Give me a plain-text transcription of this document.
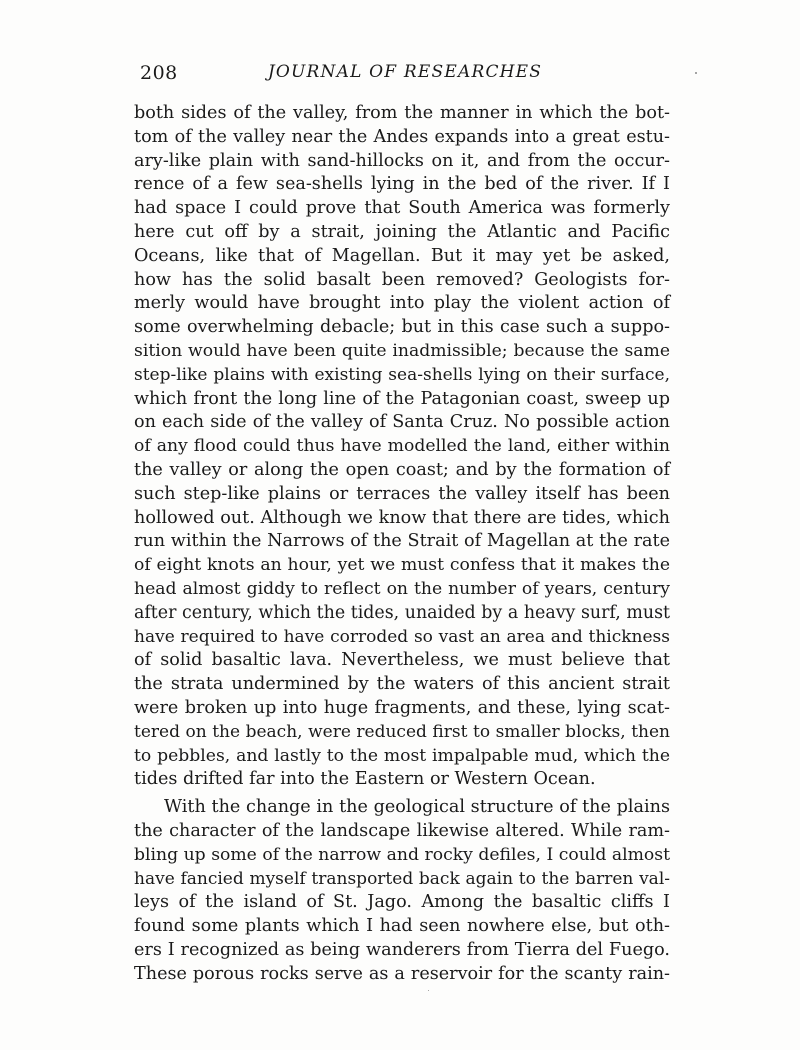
208	JOURNAL OF RESEARCHES
both sides of the valley, from the manner in which the bot-
tom of the valley near the Andes expands into a great estu-
ary-like plain with sand-hillocks on it, and from the occur-
rence of a few sea-shells lying in the bed of the river. If I
had space I could prove that South America was formerly
here cut off by a strait, joining the Atlantic and Pacific
Oceans, like that of Magellan. But it may yet be asked,
how has the solid basalt been removed? Geologists for-
merly would have brought into play the violent action of
some overwhelming debacle; but in this case such a suppo-
sition would have been quite inadmissible; because the same
step-like plains with existing sea-shells lying on their surface,
which front the long line of the Patagonian coast, sweep up
on each side of the valley of Santa Cruz. No possible action
of any flood could thus have modelled the land, either within
the valley or along the open coast; and by the formation of
such step-like plains or terraces the valley itself has been
hollowed out. Although we know that there are tides, which
run within the Narrows of the Strait of Magellan at the rate
of eight knots an hour, yet we must confess that it makes the
head almost giddy to reflect on the number of years, century
after century, which the tides, unaided by a heavy surf, must
have required to have corroded so vast an area and thickness
of solid basaltic lava. Nevertheless, we must believe that
the strata undermined by the waters of this ancient strait
were broken up into huge fragments, and these, lying scat-
tered on the beach, were reduced first to smaller blocks, then
to pebbles, and lastly to the most impalpable mud, which the
tides drifted far into the Eastern or Western Ocean.
With the change in the geological structure of the plains
the character of the landscape likewise altered. While ram-
bling up some of the narrow and rocky defiles, I could almost
have fancied myself transported back again to the barren val-
leys of the island of St. Jago. Among the basaltic cliffs I
found some plants which I had seen nowhere else, but oth-
ers I recognized as being wanderers from Tierra del Fuego.
These porous rocks serve as a reservoir for the scanty rain-
